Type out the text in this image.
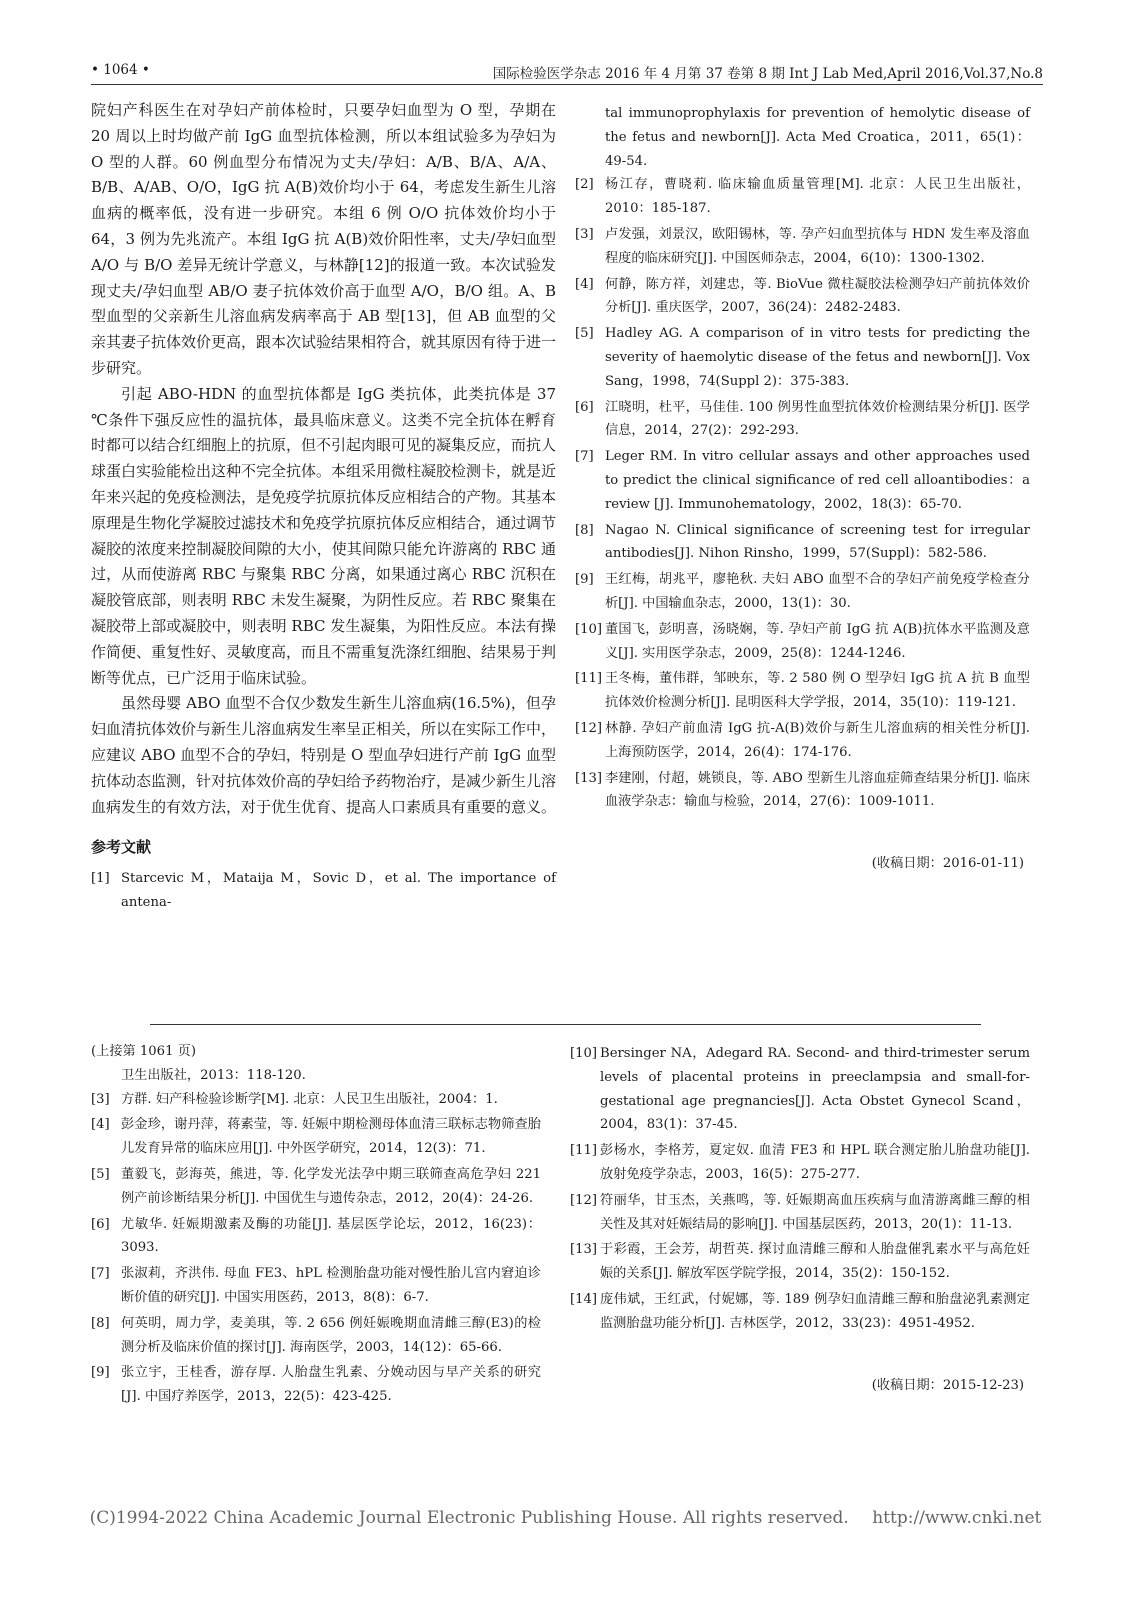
• 1064 •	国际检验医学杂志 2016 年 4 月第 37 卷第 8 期 Int J Lab Med,April 2016,Vol.37,No.8

院妇产科医生在对孕妇产前体检时，只要孕妇血型为 O 型，孕期在 20 周以上时均做产前 IgG 血型抗体检测，所以本组试验多为孕妇为 O 型的人群。60 例血型分布情况为丈夫/孕妇：A/B、B/A、A/A、B/B、A/AB、O/O，IgG 抗 A(B)效价均小于 64，考虑发生新生儿溶血病的概率低，没有进一步研究。本组 6 例 O/O 抗体效价均小于 64，3 例为先兆流产。本组 IgG 抗 A(B)效价阳性率，丈夫/孕妇血型 A/O 与 B/O 差异无统计学意义，与林静[12]的报道一致。本次试验发现丈夫/孕妇血型 AB/O 妻子抗体效价高于血型 A/O，B/O 组。A、B 型血型的父亲新生儿溶血病发病率高于 AB 型[13]，但 AB 血型的父亲其妻子抗体效价更高，跟本次试验结果相符合，就其原因有待于进一步研究。

引起 ABO-HDN 的血型抗体都是 IgG 类抗体，此类抗体是 37 ℃条件下强反应性的温抗体，最具临床意义。这类不完全抗体在孵育时都可以结合红细胞上的抗原，但不引起肉眼可见的凝集反应，而抗人球蛋白实验能检出这种不完全抗体。本组采用微柱凝胶检测卡，就是近年来兴起的免疫检测法，是免疫学抗原抗体反应相结合的产物。其基本原理是生物化学凝胶过滤技术和免疫学抗原抗体反应相结合，通过调节凝胶的浓度来控制凝胶间隙的大小，使其间隙只能允许游离的 RBC 通过，从而使游离 RBC 与聚集 RBC 分离，如果通过离心 RBC 沉积在凝胶管底部，则表明 RBC 未发生凝聚，为阴性反应。若 RBC 聚集在凝胶带上部或凝胶中，则表明 RBC 发生凝集，为阳性反应。本法有操作简便、重复性好、灵敏度高，而且不需重复洗涤红细胞、结果易于判断等优点，已广泛用于临床试验。

虽然母婴 ABO 血型不合仅少数发生新生儿溶血病(16.5%)，但孕妇血清抗体效价与新生儿溶血病发生率呈正相关，所以在实际工作中，应建议 ABO 血型不合的孕妇，特别是 O 型血孕妇进行产前 IgG 血型抗体动态监测，针对抗体效价高的孕妇给予药物治疗，是减少新生儿溶血病发生的有效方法，对于优生优育、提高人口素质具有重要的意义。

参考文献
[1] Starcevic M，Mataija M，Sovic D，et al. The importance of antena-
tal immunoprophylaxis for prevention of hemolytic disease of the fetus and newborn[J]. Acta Med Croatica，2011，65(1)：49-54.
[2] 杨江存，曹晓莉. 临床输血质量管理[M]. 北京：人民卫生出版社，2010：185-187.
[3] 卢发强，刘景汉，欧阳锡林，等. 孕产妇血型抗体与 HDN 发生率及溶血程度的临床研究[J]. 中国医师杂志，2004，6(10)：1300-1302.
[4] 何静，陈方祥，刘建忠，等. BioVue 微柱凝胶法检测孕妇产前抗体效价分析[J]. 重庆医学，2007，36(24)：2482-2483.
[5] Hadley AG. A comparison of in vitro tests for predicting the severity of haemolytic disease of the fetus and newborn[J]. Vox Sang，1998，74(Suppl 2)：375-383.
[6] 江晓明，杜平，马佳佳. 100 例男性血型抗体效价检测结果分析[J]. 医学信息，2014，27(2)：292-293.
[7] Leger RM. In vitro cellular assays and other approaches used to predict the clinical significance of red cell alloantibodies：a review [J]. Immunohematology，2002，18(3)：65-70.
[8] Nagao N. Clinical significance of screening test for irregular antibodies[J]. Nihon Rinsho，1999，57(Suppl)：582-586.
[9] 王红梅，胡兆平，廖艳秋. 夫妇 ABO 血型不合的孕妇产前免疫学检查分析[J]. 中国输血杂志，2000，13(1)：30.
[10] 董国飞，彭明喜，汤晓娴，等. 孕妇产前 IgG 抗 A(B)抗体水平监测及意义[J]. 实用医学杂志，2009，25(8)：1244-1246.
[11] 王冬梅，董伟群，邹映东，等. 2 580 例 O 型孕妇 IgG 抗 A 抗 B 血型抗体效价检测分析[J]. 昆明医科大学学报，2014，35(10)：119-121.
[12] 林静. 孕妇产前血清 IgG 抗-A(B)效价与新生儿溶血病的相关性分析[J]. 上海预防医学，2014，26(4)：174-176.
[13] 李建刚，付超，姚锁良，等. ABO 型新生儿溶血症筛查结果分析[J]. 临床血液学杂志：输血与检验，2014，27(6)：1009-1011.
(收稿日期：2016-01-11)
(上接第 1061 页)
卫生出版社，2013：118-120.
[3] 方群. 妇产科检验诊断学[M]. 北京：人民卫生出版社，2004：1.
[4] 彭金珍，谢丹萍，蒋素莹，等. 妊娠中期检测母体血清三联标志物筛查胎儿发育异常的临床应用[J]. 中外医学研究，2014，12(3)：71.
[5] 董毅飞，彭海英，熊进，等. 化学发光法孕中期三联筛查高危孕妇 221 例产前诊断结果分析[J]. 中国优生与遗传杂志，2012，20(4)：24-26.
[6] 尤敏华. 妊娠期激素及酶的功能[J]. 基层医学论坛，2012，16(23)：3093.
[7] 张淑莉，齐洪伟. 母血 FE3、hPL 检测胎盘功能对慢性胎儿宫内窘迫诊断价值的研究[J]. 中国实用医药，2013，8(8)：6-7.
[8] 何英明，周力学，麦美琪，等. 2 656 例妊娠晚期血清雌三醇(E3)的检测分析及临床价值的探讨[J]. 海南医学，2003，14(12)：65-66.
[9] 张立宇，王桂香，游存厚. 人胎盘生乳素、分娩动因与早产关系的研究[J]. 中国疗养医学，2013，22(5)：423-425.
[10] Bersinger NA，Adegard RA. Second- and third-trimester serum levels of placental proteins in preeclampsia and small-for-gestational age pregnancies[J]. Acta Obstet Gynecol Scand，2004，83(1)：37-45.
[11] 彭杨水，李格芳，夏定奴. 血清 FE3 和 HPL 联合测定胎儿胎盘功能[J]. 放射免疫学杂志，2003，16(5)：275-277.
[12] 符丽华，甘玉杰，关燕鸣，等. 妊娠期高血压疾病与血清游离雌三醇的相关性及其对妊娠结局的影响[J]. 中国基层医药，2013，20(1)：11-13.
[13] 于彩霞，王会芳，胡哲英. 探讨血清雌三醇和人胎盘催乳素水平与高危妊娠的关系[J]. 解放军医学院学报，2014，35(2)：150-152.
[14] 庞伟斌，王红武，付妮娜，等. 189 例孕妇血清雌三醇和胎盘泌乳素测定监测胎盘功能分析[J]. 吉林医学，2012，33(23)：4951-4952.
(收稿日期：2015-12-23)
(C)1994-2022 China Academic Journal Electronic Publishing House. All rights reserved. http://www.cnki.net
